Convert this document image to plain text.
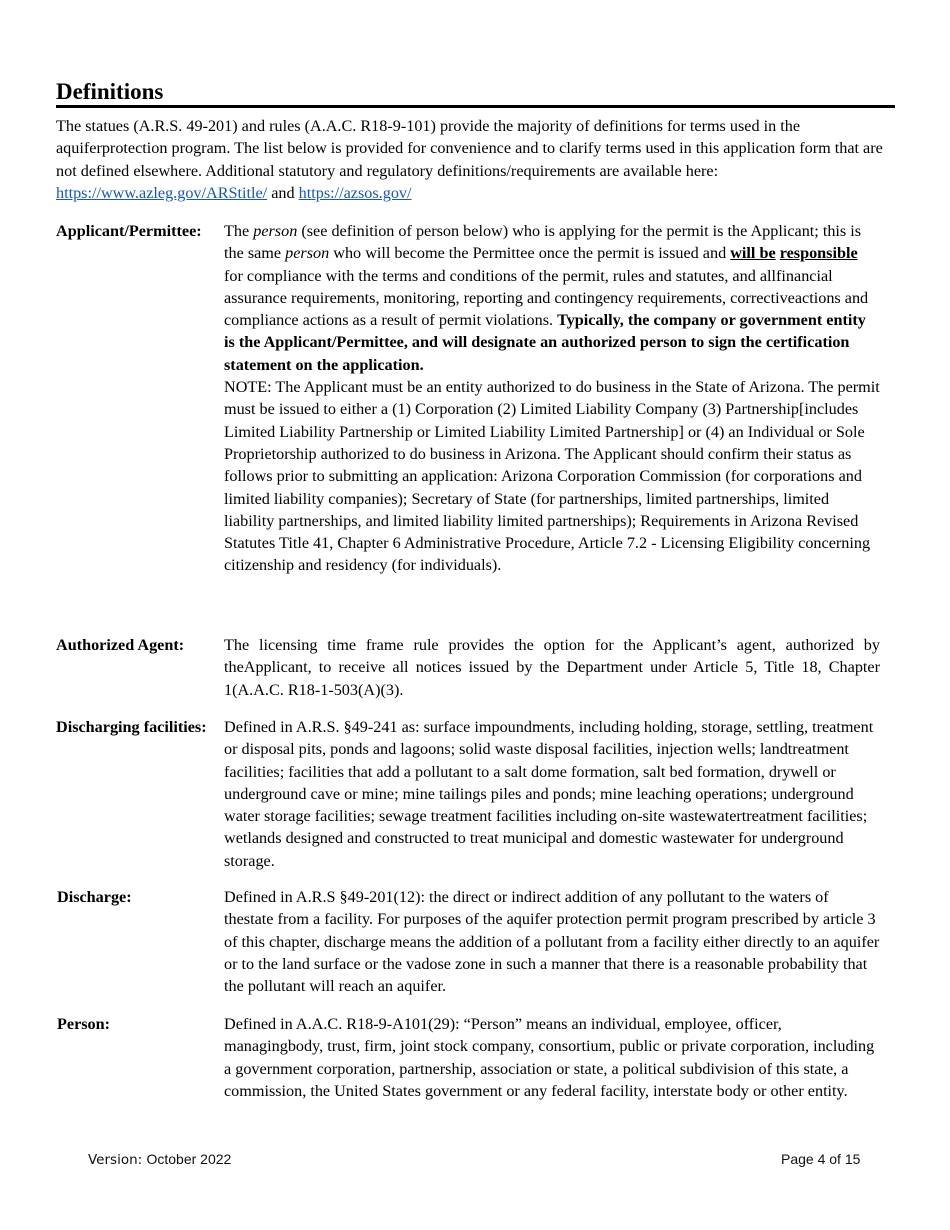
Definitions
The statues (A.R.S. 49-201) and rules (A.A.C. R18-9-101) provide the majority of definitions for terms used in the aquiferprotection program. The list below is provided for convenience and to clarify terms used in this application form that are not defined elsewhere. Additional statutory and regulatory definitions/requirements are available here: https://www.azleg.gov/ARStitle/ and https://azsos.gov/
Applicant/Permittee: The person (see definition of person below) who is applying for the permit is the Applicant; this is the same person who will become the Permittee once the permit is issued and will be responsible for compliance with the terms and conditions of the permit, rules and statutes, and allfinancial assurance requirements, monitoring, reporting and contingency requirements, correctiveactions and compliance actions as a result of permit violations. Typically, the company or government entity is the Applicant/Permittee, and will designate an authorized person to sign the certification statement on the application.

NOTE: The Applicant must be an entity authorized to do business in the State of Arizona. The permit must be issued to either a (1) Corporation (2) Limited Liability Company (3) Partnership[includes Limited Liability Partnership or Limited Liability Limited Partnership] or (4) an Individual or Sole Proprietorship authorized to do business in Arizona. The Applicant should confirm their status as follows prior to submitting an application: Arizona Corporation Commission (for corporations and limited liability companies); Secretary of State (for partnerships, limited partnerships, limited liability partnerships, and limited liability limited partnerships); Requirements in Arizona Revised Statutes Title 41, Chapter 6 Administrative Procedure, Article 7.2 - Licensing Eligibility concerning citizenship and residency (for individuals).

Authorized Agent: The licensing time frame rule provides the option for the Applicant’s agent, authorized by theApplicant, to receive all notices issued by the Department under Article 5, Title 18, Chapter 1(A.A.C. R18-1-503(A)(3).
Discharging facilities: Defined in A.R.S. §49-241 as: surface impoundments, including holding, storage, settling, treatment or disposal pits, ponds and lagoons; solid waste disposal facilities, injection wells; landtreatment facilities; facilities that add a pollutant to a salt dome formation, salt bed formation, drywell or underground cave or mine; mine tailings piles and ponds; mine leaching operations; underground water storage facilities; sewage treatment facilities including on-site wastewatertreatment facilities; wetlands designed and constructed to treat municipal and domestic wastewater for underground storage.
Discharge:	Defined in A.R.S §49-201(12): the direct or indirect addition of any pollutant to the waters of thestate from a facility. For purposes of the aquifer protection permit program prescribed by article 3 of this chapter, discharge means the addition of a pollutant from a facility either directly to an aquifer or to the land surface or the vadose zone in such a manner that there is a reasonable probability that the pollutant will reach an aquifer.
Person:	Defined in A.A.C. R18-9-A101(29): “Person” means an individual, employee, officer, managingbody, trust, firm, joint stock company, consortium, public or private corporation, including a government corporation, partnership, association or state, a political subdivision of this state, a commission, the United States government or any federal facility, interstate body or other entity.
Version: October 2022	Page 4 of 15
